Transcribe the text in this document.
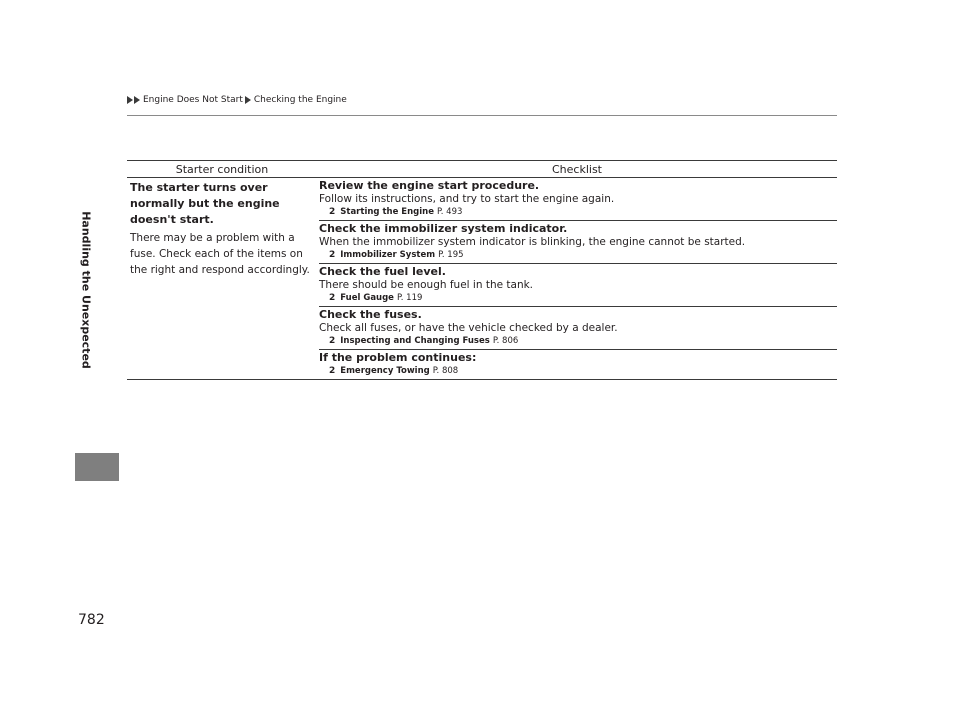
Engine Does Not Start Checking the Engine
Handling the Unexpected
Starter condition	Checklist
The starter turns over normally but the engine doesn't start.
There may be a problem with a fuse. Check each of the items on the right and respond accordingly.
Review the engine start procedure.
Follow its instructions, and try to start the engine again.
2 Starting the Engine P. 493
Check the immobilizer system indicator.
When the immobilizer system indicator is blinking, the engine cannot be started.
2 Immobilizer System P. 195
Check the fuel level.
There should be enough fuel in the tank.
2 Fuel Gauge P. 119
Check the fuses.
Check all fuses, or have the vehicle checked by a dealer.
2 Inspecting and Changing Fuses P. 806
If the problem continues:
2 Emergency Towing P. 808
782
